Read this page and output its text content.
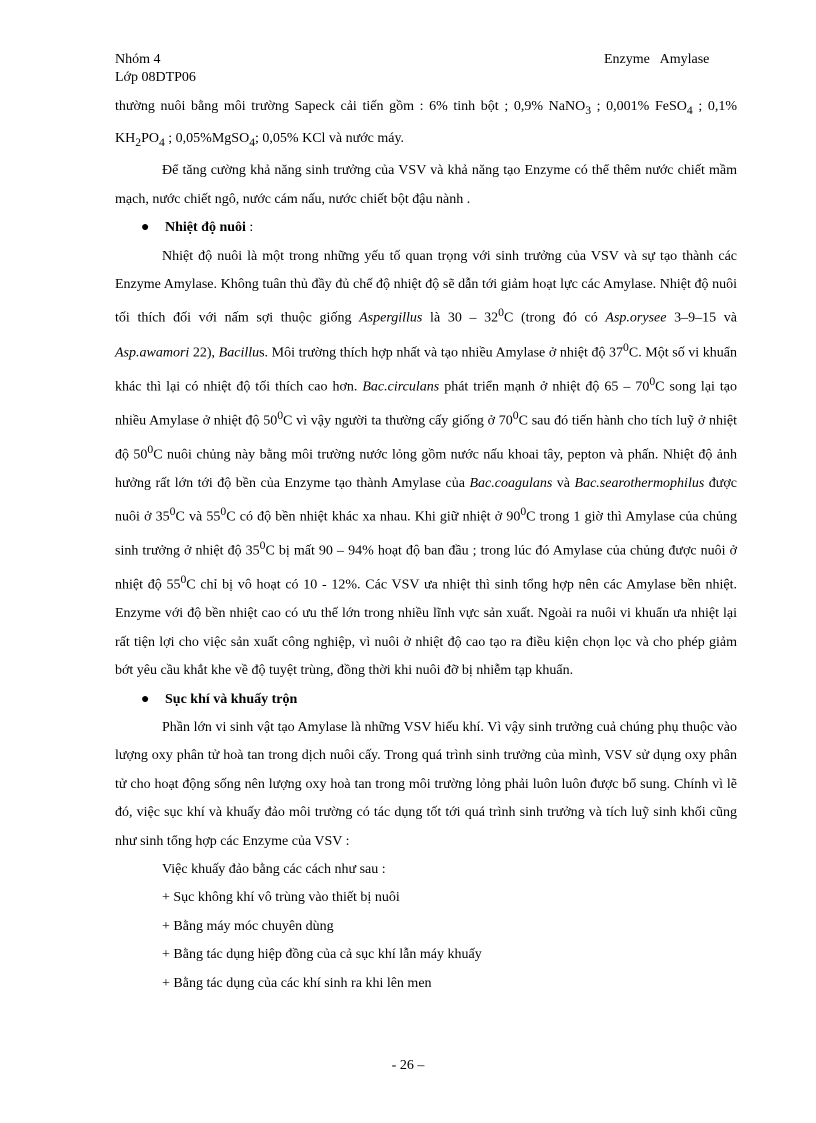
Nhóm 4
Lớp 08DTP06
Enzyme   Amylase

thường nuôi bằng môi trường Sapeck cải tiến gồm : 6% tinh bột ; 0,9% NaNO$_3$ ; 0,001% FeSO$_4$ ; 0,1% $KH_2PO_4$ ; 0,05%MgSO$_4$; 0,05% KCl và nước máy.

Để tăng cường khả năng sinh trưởng của VSV và khả năng tạo Enzyme có thể thêm nước chiết mầm mạch, nước chiết ngô, nước cám nấu, nước chiết bột đậu nành .

● Nhiệt độ nuôi :

Nhiệt độ nuôi là một trong những yếu tố quan trọng với sinh trưởng của VSV và sự tạo thành các Enzyme Amylase. Không tuân thủ đầy đủ chế độ nhiệt độ sẽ dẫn tới giảm hoạt lực các Amylase. Nhiệt độ nuôi tối thích đối với nấm sợi thuộc giống Aspergillus là $30 - 32^0C$ (trong đó có Asp.orysee 3–9–15 và Asp.awamori 22), Bacillus. Môi trường thích hợp nhất và tạo nhiều Amylase ở nhiệt độ $37^0C$. Một số vi khuẩn khác thì lại có nhiệt độ tối thích cao hơn. Bac.circulans phát triển mạnh ở nhiệt độ $65 - 70^0C$ song lại tạo nhiều Amylase ở nhiệt độ $50^0C$ vì vậy người ta thường cấy giống ở $70^0C$ sau đó tiến hành cho tích luỹ ở nhiệt độ $50^0C$ nuôi chủng này bằng môi trường nước lỏng gồm nước nấu khoai tây, pepton và phấn. Nhiệt độ ảnh hưởng rất lớn tới độ bền của Enzyme tạo thành Amylase của Bac.coagulans và Bac.searothermophilus được nuôi ở $35^0C$ và $55^0C$ có độ bền nhiệt khác xa nhau. Khi giữ nhiệt ở $90^0C$ trong 1 giờ thì Amylase của chủng sinh trưởng ở nhiệt độ $35^0C$ bị mất 90 – 94% hoạt độ ban đầu ; trong lúc đó Amylase của chủng được nuôi ở nhiệt độ $55^0C$ chỉ bị vô hoạt có 10 - 12%. Các VSV ưa nhiệt thì sinh tổng hợp nên các Amylase bền nhiệt. Enzyme với độ bền nhiệt cao có ưu thế lớn trong nhiều lĩnh vực sản xuất. Ngoài ra nuôi vi khuẩn ưa nhiệt lại rất tiện lợi cho việc sản xuất công nghiệp, vì nuôi ở nhiệt độ cao tạo ra điều kiện chọn lọc và cho phép giảm bớt yêu cầu khắt khe về độ tuyệt trùng, đồng thời khi nuôi đỡ bị nhiễm tạp khuẩn.

● Sục khí và khuấy trộn

Phần lớn vi sinh vật tạo Amylase là những VSV hiếu khí. Vì vậy sinh trưởng cuả chúng phụ thuộc vào lượng oxy phân tử hoà tan trong dịch nuôi cấy. Trong quá trình sinh trưởng của mình, VSV sử dụng oxy phân tử cho hoạt động sống nên lượng oxy hoà tan trong môi trường lỏng phải luôn luôn được bổ sung. Chính vì lẽ đó, việc sục khí và khuấy đảo môi trường có tác dụng tốt tới quá trình sinh trưởng và tích luỹ sinh khối cũng như sinh tổng hợp các Enzyme của VSV :

Việc khuấy đảo bằng các cách như sau :

+ Sục không khí vô trùng vào thiết bị nuôi

+ Bằng máy móc chuyên dùng

+ Bằng tác dụng hiệp đồng của cả sục khí lẫn máy khuấy

+ Bằng tác dụng của các khí sinh ra khi lên men

- 26 –
